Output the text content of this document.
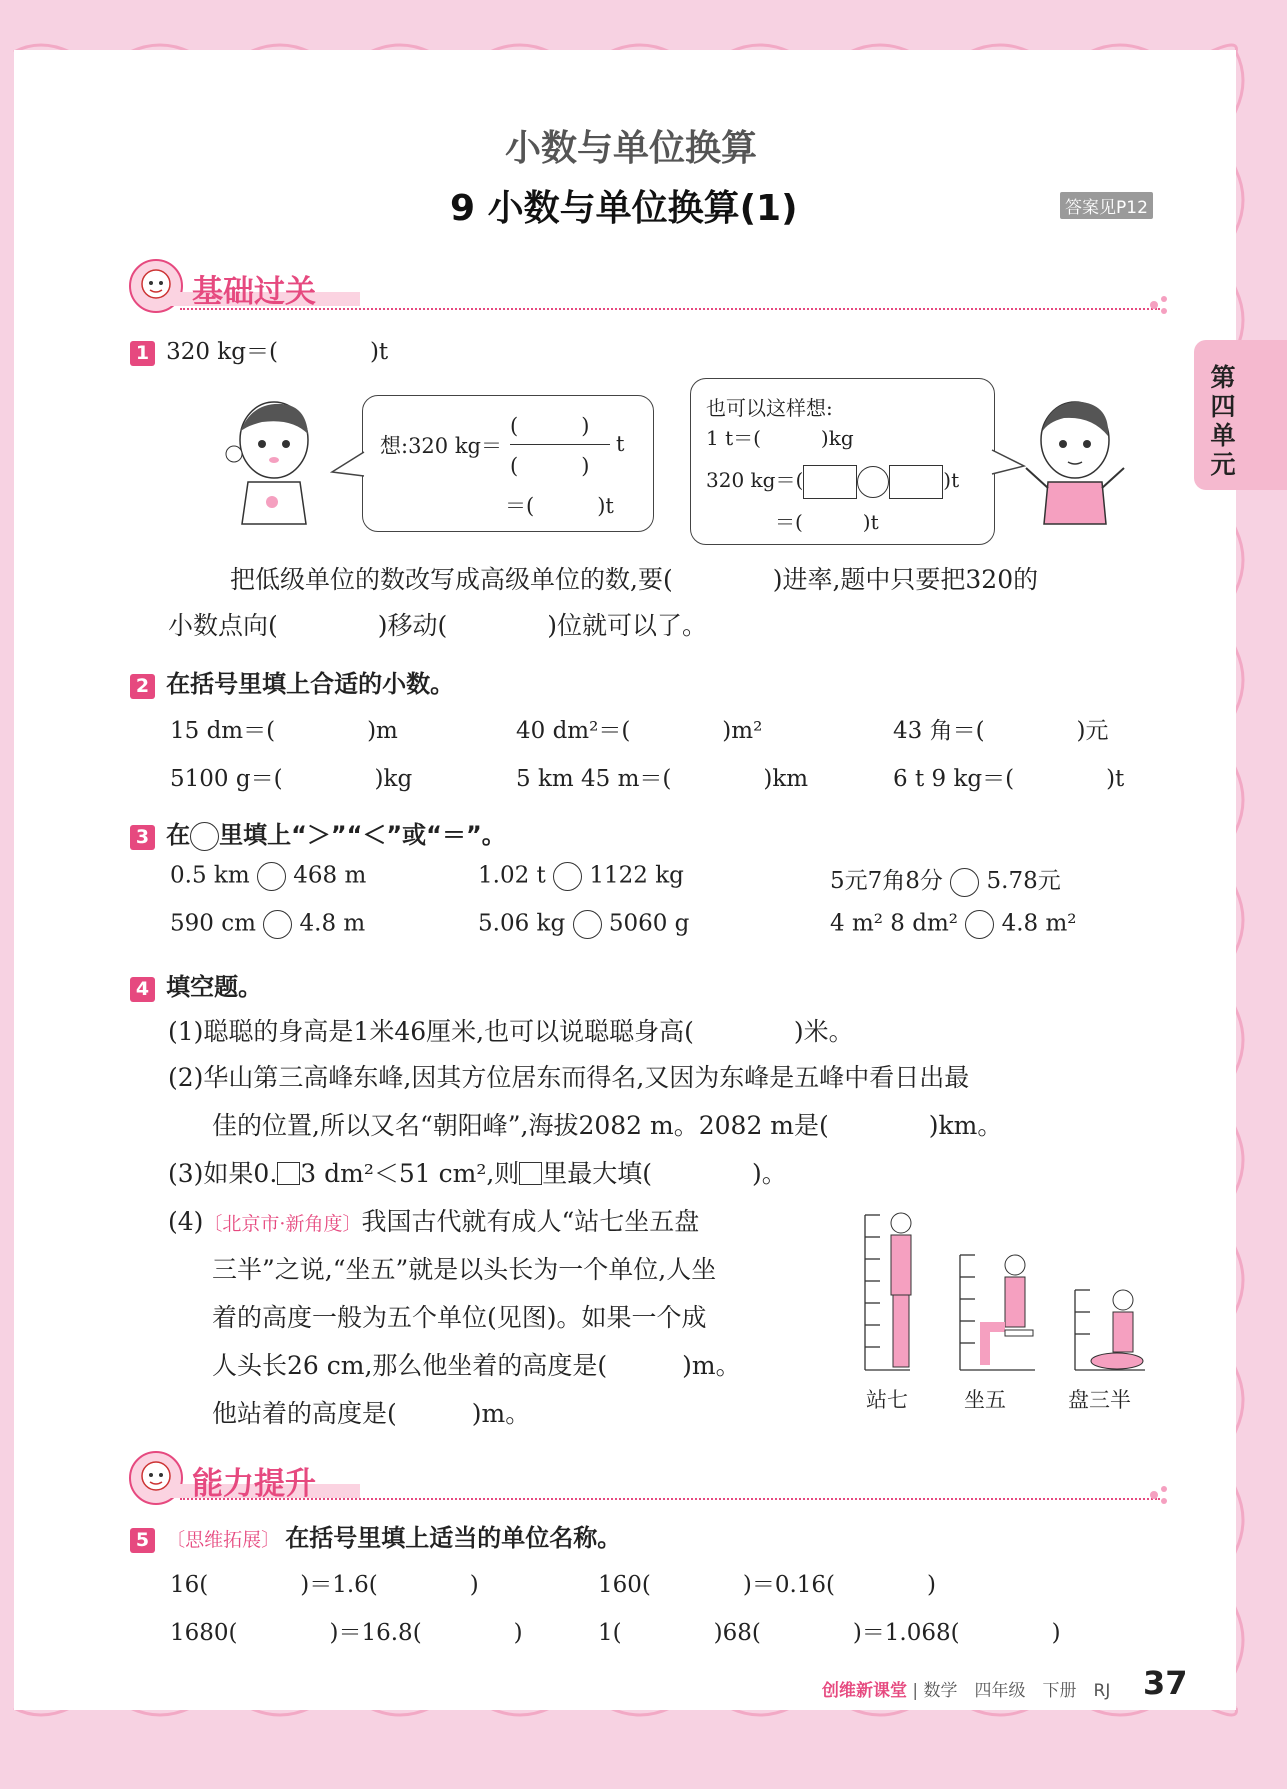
第四单元
小数与单位换算
9 小数与单位换算(1)	答案见P12
基础过关
1 320 kg＝(　　　　)t
想:320 kg＝
(　　　)
(　　　)
t
＝(　　　)t
也可以这样想:
1 t＝(　　　)kg
320 kg＝(	)t
＝(　　　)t
把低级单位的数改写成高级单位的数,要(　　　　)进率,题中只要把320的
小数点向(　　　　)移动(　　　　)位就可以了。
2 在括号里填上合适的小数。
15 dm＝(　　　　)m	40 dm²＝(　　　　)m²	43 角＝(　　　　)元
5100 g＝(　　　　)kg	5 km 45 m＝(　　　　)km	6 t 9 kg＝(　　　　)t
3 在 里填上“＞”“＜”或“＝”。
0.5 km 468 m	1.02 t 1122 kg	5元7角8分 5.78元
590 cm 4.8 m	5.06 kg 5060 g	4 m² 8 dm² 4.8 m²
4 填空题。
(1)聪聪的身高是1米46厘米,也可以说聪聪身高(　　　　)米。
(2)华山第三高峰东峰,因其方位居东而得名,又因为东峰是五峰中看日出最
佳的位置,所以又名“朝阳峰”,海拔2082 m。2082 m是(　　　　)km。
(3)如果0. 3 dm²＜51 cm²,则 里最大填(　　　　)。
(4)〔北京市·新角度〕我国古代就有成人“站七坐五盘
三半”之说,“坐五”就是以头长为一个单位,人坐
着的高度一般为五个单位(见图)。如果一个成
人头长26 cm,那么他坐着的高度是(　　　)m。
他站着的高度是(　　　)m。	站七	坐五	盘三半
能力提升
5 〔思维拓展〕 在括号里填上适当的单位名称。
16(　　　　)＝1.6(　　　　)	160(　　　　)＝0.16(　　　　)
1680(　　　　)＝16.8(　　　　)	1(　　　　)68(　　　　)＝1.068(　　　　)
创维新课堂 | 数学　四年级　下册　RJ 37
